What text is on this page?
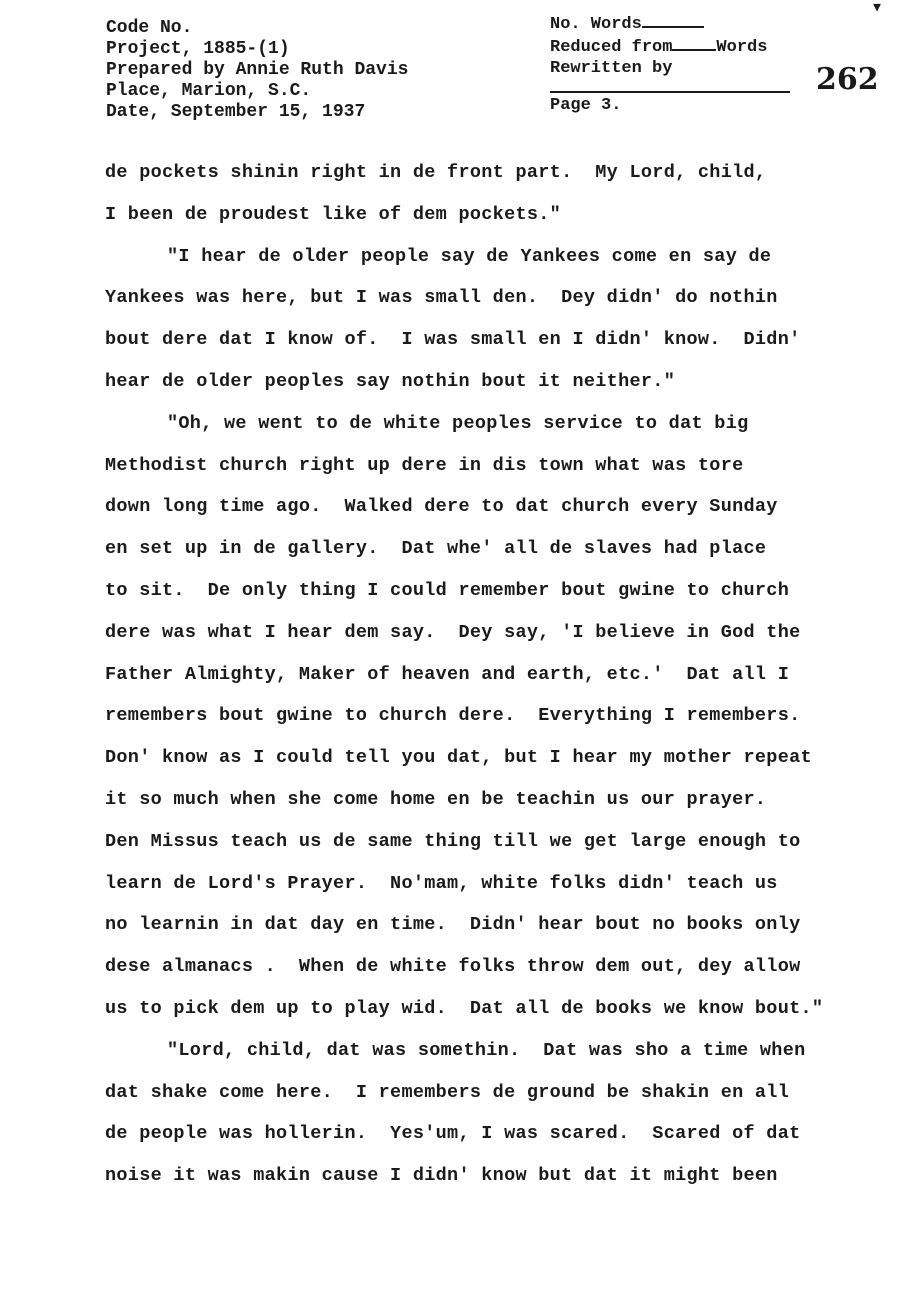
▾
Code No.
Project, 1885-(1)
Prepared by Annie Ruth Davis
Place, Marion, S.C.
Date, September 15, 1937
No. Words
Reduced from	Words
Rewritten by
Page 3.
262
de pockets shinin right in de front part.  My Lord, child,
I been de proudest like of dem pockets."
"I hear de older people say de Yankees come en say de
Yankees was here, but I was small den.  Dey didn' do nothin
bout dere dat I know of.  I was small en I didn' know.  Didn'
hear de older peoples say nothin bout it neither."
"Oh, we went to de white peoples service to dat big
Methodist church right up dere in dis town what was tore
down long time ago.  Walked dere to dat church every Sunday
en set up in de gallery.  Dat whe' all de slaves had place
to sit.  De only thing I could remember bout gwine to church
dere was what I hear dem say.  Dey say, 'I believe in God the
Father Almighty, Maker of heaven and earth, etc.'  Dat all I
remembers bout gwine to church dere.  Everything I remembers.
Don' know as I could tell you dat, but I hear my mother repeat
it so much when she come home en be teachin us our prayer.
Den Missus teach us de same thing till we get large enough to
learn de Lord's Prayer.  No'mam, white folks didn' teach us
no learnin in dat day en time.  Didn' hear bout no books only
dese almanacs .  When de white folks throw dem out, dey allow
us to pick dem up to play wid.  Dat all de books we know bout."
"Lord, child, dat was somethin.  Dat was sho a time when
dat shake come here.  I remembers de ground be shakin en all
de people was hollerin.  Yes'um, I was scared.  Scared of dat
noise it was makin cause I didn' know but dat it might been
